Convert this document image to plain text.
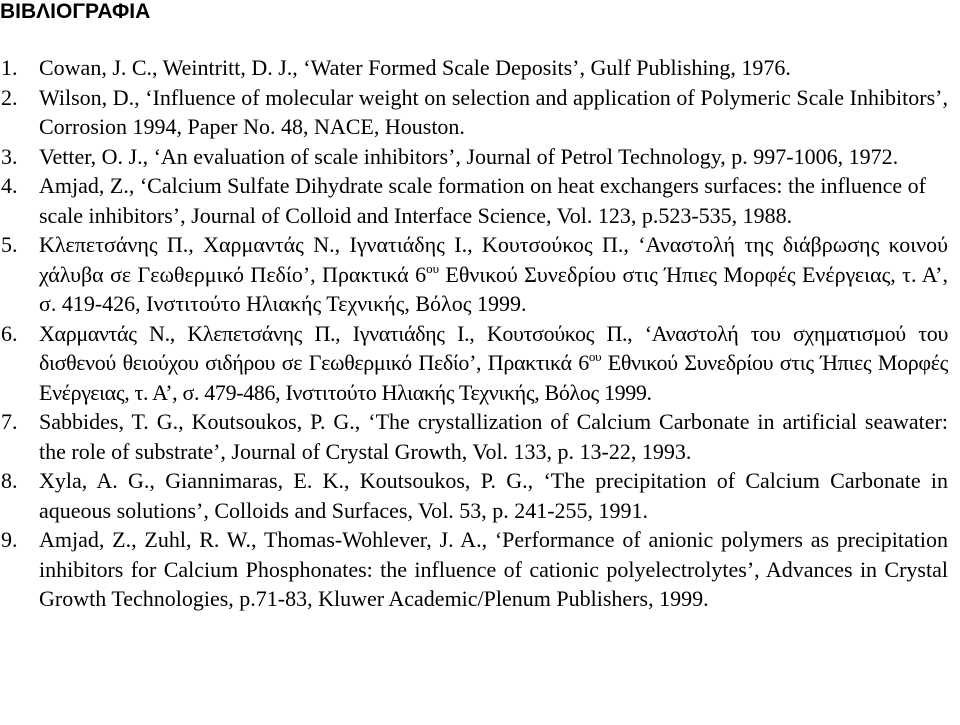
ΒΙΒΛΙΟΓΡΑΦΙΑ
1. Cowan, J. C., Weintritt, D. J., ‘Water Formed Scale Deposits’, Gulf Publishing, 1976.
2. Wilson, D., ‘Influence of molecular weight on selection and application of Polymeric Scale Inhibitors’, Corrosion 1994, Paper No. 48, NACE, Houston.
3. Vetter, O. J., ‘An evaluation of scale inhibitors’, Journal of Petrol Technology, p. 997-1006, 1972.
4. Amjad, Z., ‘Calcium Sulfate Dihydrate scale formation on heat exchangers surfaces: the influence of scale inhibitors’, Journal of Colloid and Interface Science, Vol. 123, p.523-535, 1988.
5. Κλεπετσάνης Π., Χαρμαντάς Ν., Ιγνατιάδης Ι., Κουτσούκος Π., ‘Αναστολή της διάβρωσης κοινού χάλυβα σε Γεωθερμικό Πεδίο’, Πρακτικά $6^{o\upsilon}$ Εθνικού Συνεδρίου στις Ήπιες Μορφές Ενέργειας, τ. Α’, σ. 419-426, Ινστιτούτο Ηλιακής Τεχνικής, Βόλος 1999.
6. Χαρμαντάς Ν., Κλεπετσάνης Π., Ιγνατιάδης Ι., Κουτσούκος Π., ‘Αναστολή του σχηματισμού του δισθενού θειούχου σιδήρου σε Γεωθερμικό Πεδίο’, Πρακτικά $6^{o\upsilon}$ Εθνικού Συνεδρίου στις Ήπιες Μορφές Ενέργειας, τ. Α’, σ. 479-486, Ινστιτούτο Ηλιακής Τεχνικής, Βόλος 1999.
7. Sabbides, T. G., Koutsoukos, P. G., ‘The crystallization of Calcium Carbonate in artificial seawater: the role of substrate’, Journal of Crystal Growth, Vol. 133, p. 13-22, 1993.
8. Xyla, A. G., Giannimaras, E. K., Koutsoukos, P. G., ‘The precipitation of Calcium Carbonate in aqueous solutions’, Colloids and Surfaces, Vol. 53, p. 241-255, 1991.
9. Amjad, Z., Zuhl, R. W., Thomas-Wohlever, J. A., ‘Performance of anionic polymers as precipitation inhibitors for Calcium Phosphonates: the influence of cationic polyelectrolytes’, Advances in Crystal Growth Technologies, p.71-83, Kluwer Academic/Plenum Publishers, 1999.
